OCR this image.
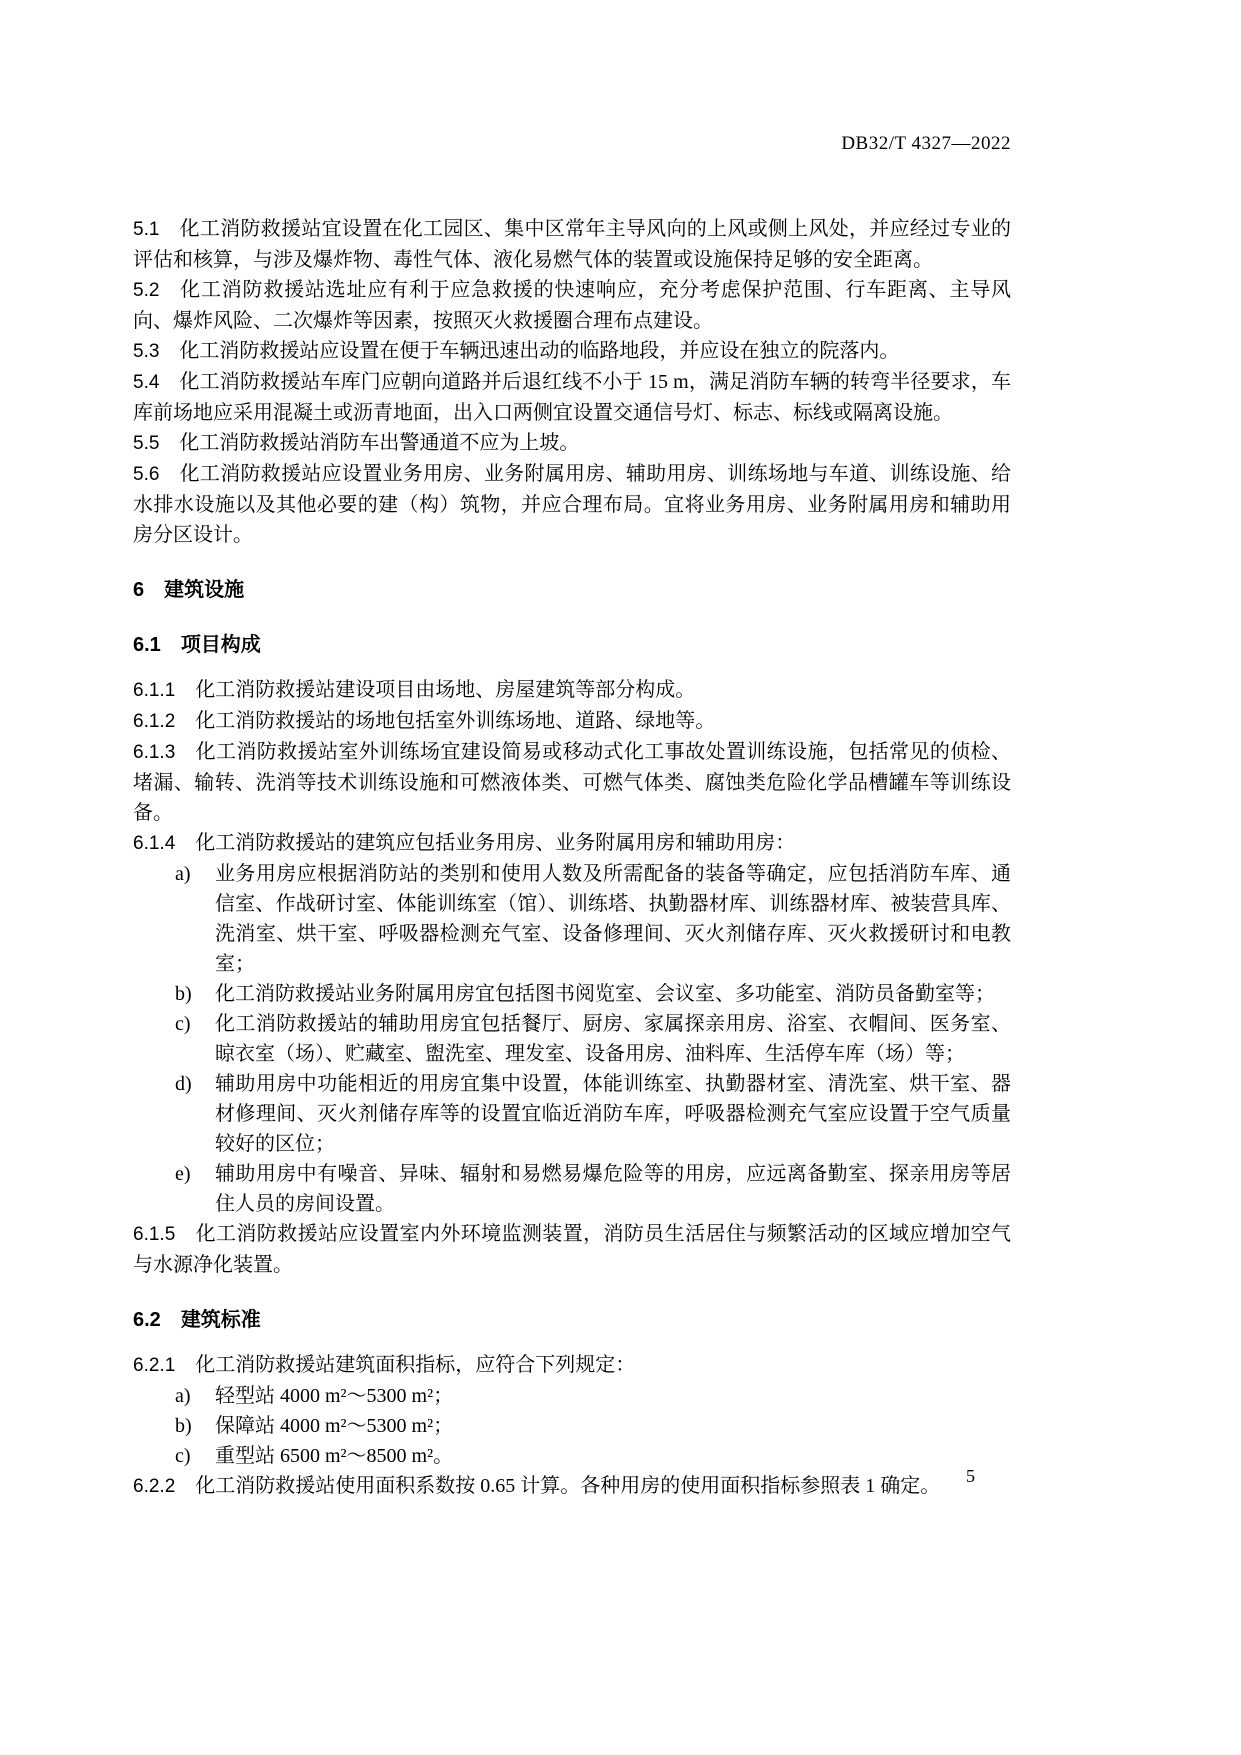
DB32/T 4327—2022

5.1 化工消防救援站宜设置在化工园区、集中区常年主导风向的上风或侧上风处，并应经过专业的评估和核算，与涉及爆炸物、毒性气体、液化易燃气体的装置或设施保持足够的安全距离。

5.2 化工消防救援站选址应有利于应急救援的快速响应，充分考虑保护范围、行车距离、主导风向、爆炸风险、二次爆炸等因素，按照灭火救援圈合理布点建设。

5.3 化工消防救援站应设置在便于车辆迅速出动的临路地段，并应设在独立的院落内。

5.4 化工消防救援站车库门应朝向道路并后退红线不小于 15 m，满足消防车辆的转弯半径要求，车库前场地应采用混凝土或沥青地面，出入口两侧宜设置交通信号灯、标志、标线或隔离设施。

5.5 化工消防救援站消防车出警通道不应为上坡。

5.6 化工消防救援站应设置业务用房、业务附属用房、辅助用房、训练场地与车道、训练设施、给水排水设施以及其他必要的建（构）筑物，并应合理布局。宜将业务用房、业务附属用房和辅助用房分区设计。

6 建筑设施

6.1 项目构成

6.1.1 化工消防救援站建设项目由场地、房屋建筑等部分构成。

6.1.2 化工消防救援站的场地包括室外训练场地、道路、绿地等。

6.1.3 化工消防救援站室外训练场宜建设简易或移动式化工事故处置训练设施，包括常见的侦检、堵漏、输转、洗消等技术训练设施和可燃液体类、可燃气体类、腐蚀类危险化学品槽罐车等训练设备。

6.1.4 化工消防救援站的建筑应包括业务用房、业务附属用房和辅助用房：

a) 业务用房应根据消防站的类别和使用人数及所需配备的装备等确定，应包括消防车库、通信室、作战研讨室、体能训练室（馆）、训练塔、执勤器材库、训练器材库、被装营具库、洗消室、烘干室、呼吸器检测充气室、设备修理间、灭火剂储存库、灭火救援研讨和电教室；

b) 化工消防救援站业务附属用房宜包括图书阅览室、会议室、多功能室、消防员备勤室等；

c) 化工消防救援站的辅助用房宜包括餐厅、厨房、家属探亲用房、浴室、衣帽间、医务室、晾衣室（场）、贮藏室、盥洗室、理发室、设备用房、油料库、生活停车库（场）等；

d) 辅助用房中功能相近的用房宜集中设置，体能训练室、执勤器材室、清洗室、烘干室、器材修理间、灭火剂储存库等的设置宜临近消防车库，呼吸器检测充气室应设置于空气质量较好的区位；

e) 辅助用房中有噪音、异味、辐射和易燃易爆危险等的用房，应远离备勤室、探亲用房等居住人员的房间设置。

6.1.5 化工消防救援站应设置室内外环境监测装置，消防员生活居住与频繁活动的区域应增加空气与水源净化装置。

6.2 建筑标准

6.2.1 化工消防救援站建筑面积指标，应符合下列规定：

a) 轻型站 4000 m²～5300 m²；

b) 保障站 4000 m²～5300 m²；

c) 重型站 6500 m²～8500 m²。

6.2.2 化工消防救援站使用面积系数按 0.65 计算。各种用房的使用面积指标参照表 1 确定。	5
